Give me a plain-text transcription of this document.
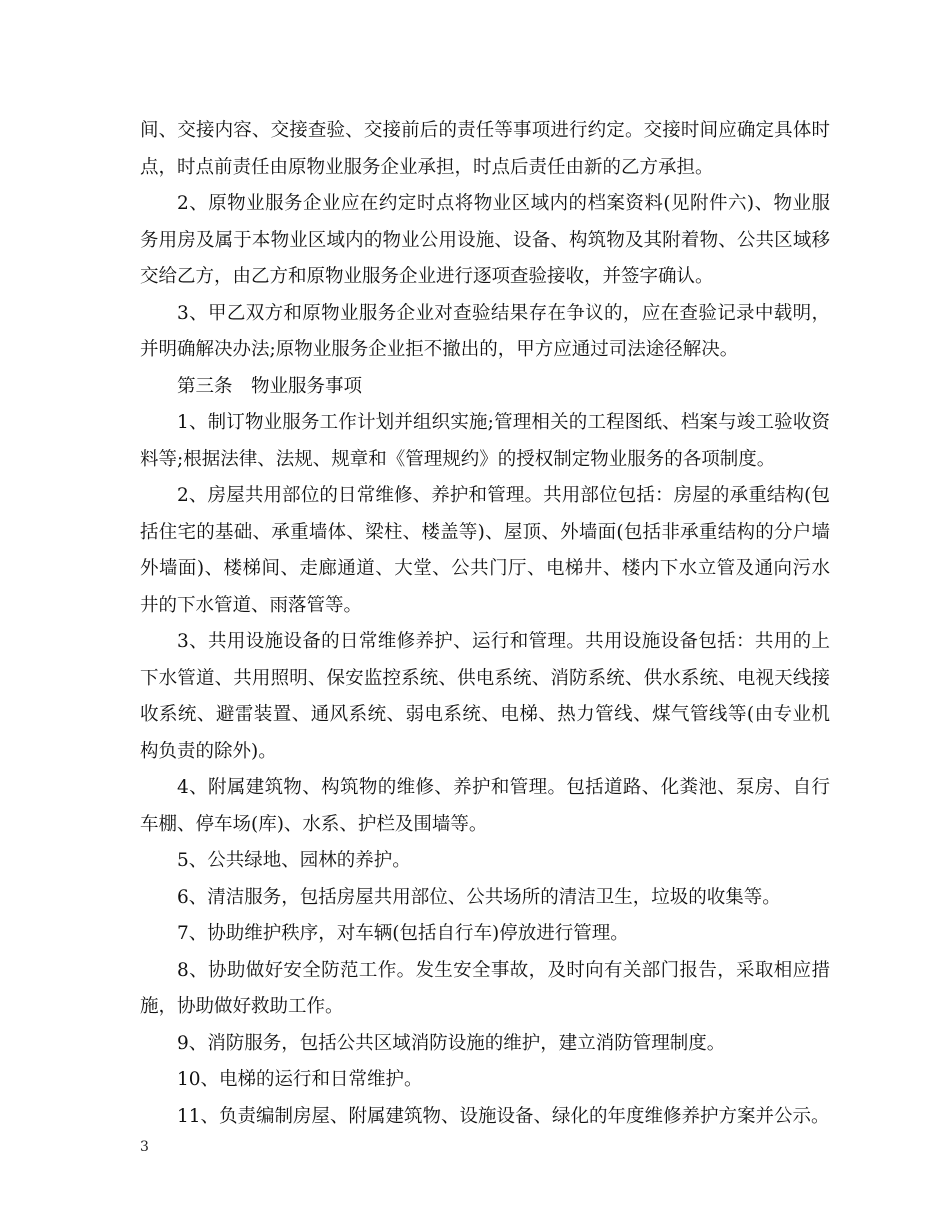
间、交接内容、交接查验、交接前后的责任等事项进行约定。交接时间应确定具体时点，时点前责任由原物业服务企业承担，时点后责任由新的乙方承担。

2、原物业服务企业应在约定时点将物业区域内的档案资料(见附件六)、物业服务用房及属于本物业区域内的物业公用设施、设备、构筑物及其附着物、公共区域移交给乙方，由乙方和原物业服务企业进行逐项查验接收，并签字确认。

3、甲乙双方和原物业服务企业对查验结果存在争议的，应在查验记录中载明，并明确解决办法;原物业服务企业拒不撤出的，甲方应通过司法途径解决。

第三条　物业服务事项

1、制订物业服务工作计划并组织实施;管理相关的工程图纸、档案与竣工验收资料等;根据法律、法规、规章和《管理规约》的授权制定物业服务的各项制度。

2、房屋共用部位的日常维修、养护和管理。共用部位包括：房屋的承重结构(包括住宅的基础、承重墙体、梁柱、楼盖等)、屋顶、外墙面(包括非承重结构的分户墙外墙面)、楼梯间、走廊通道、大堂、公共门厅、电梯井、楼内下水立管及通向污水井的下水管道、雨落管等。

3、共用设施设备的日常维修养护、运行和管理。共用设施设备包括：共用的上下水管道、共用照明、保安监控系统、供电系统、消防系统、供水系统、电视天线接收系统、避雷装置、通风系统、弱电系统、电梯、热力管线、煤气管线等(由专业机构负责的除外)。

4、附属建筑物、构筑物的维修、养护和管理。包括道路、化粪池、泵房、自行车棚、停车场(库)、水系、护栏及围墙等。

5、公共绿地、园林的养护。

6、清洁服务，包括房屋共用部位、公共场所的清洁卫生，垃圾的收集等。

7、协助维护秩序，对车辆(包括自行车)停放进行管理。

8、协助做好安全防范工作。发生安全事故，及时向有关部门报告，采取相应措施，协助做好救助工作。

9、消防服务，包括公共区域消防设施的维护，建立消防管理制度。

10、电梯的运行和日常维护。

11、负责编制房屋、附属建筑物、设施设备、绿化的年度维修养护方案并公示。

3
